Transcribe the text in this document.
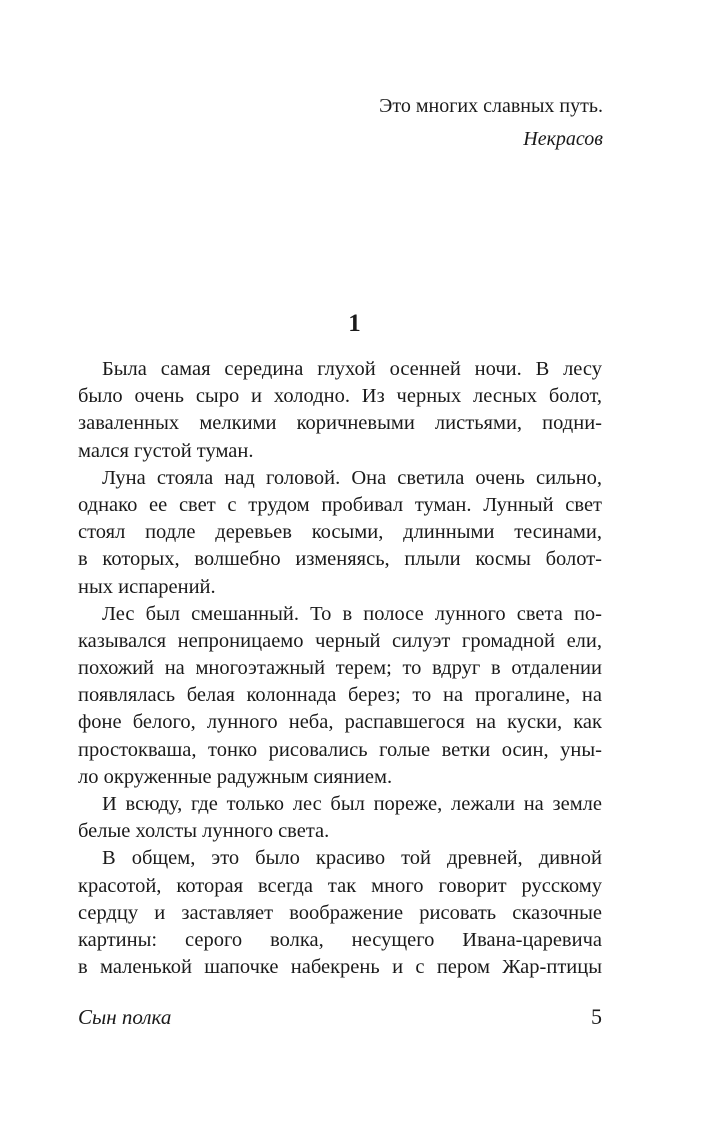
Это многих славных путь.
Некрасов
1
Была самая середина глухой осенней ночи. В лесу
было очень сыро и холодно. Из черных лесных болот,
заваленных мелкими коричневыми листьями, подни-
мался густой туман.
Луна стояла над головой. Она светила очень сильно,
однако ее свет с трудом пробивал туман. Лунный свет
стоял подле деревьев косыми, длинными тесинами,
в которых, волшебно изменяясь, плыли космы болот-
ных испарений.
Лес был смешанный. То в полосе лунного света по-
казывался непроницаемо черный силуэт громадной ели,
похожий на многоэтажный терем; то вдруг в отдалении
появлялась белая колоннада берез; то на прогалине, на
фоне белого, лунного неба, распавшегося на куски, как
простокваша, тонко рисовались голые ветки осин, уны-
ло окруженные радужным сиянием.
И всюду, где только лес был пореже, лежали на земле
белые холсты лунного света.
В общем, это было красиво той древней, дивной
красотой, которая всегда так много говорит русскому
сердцу и заставляет воображение рисовать сказочные
картины: серого волка, несущего Ивана-царевича
в маленькой шапочке набекрень и с пером Жар-птицы
Сын полка	5
